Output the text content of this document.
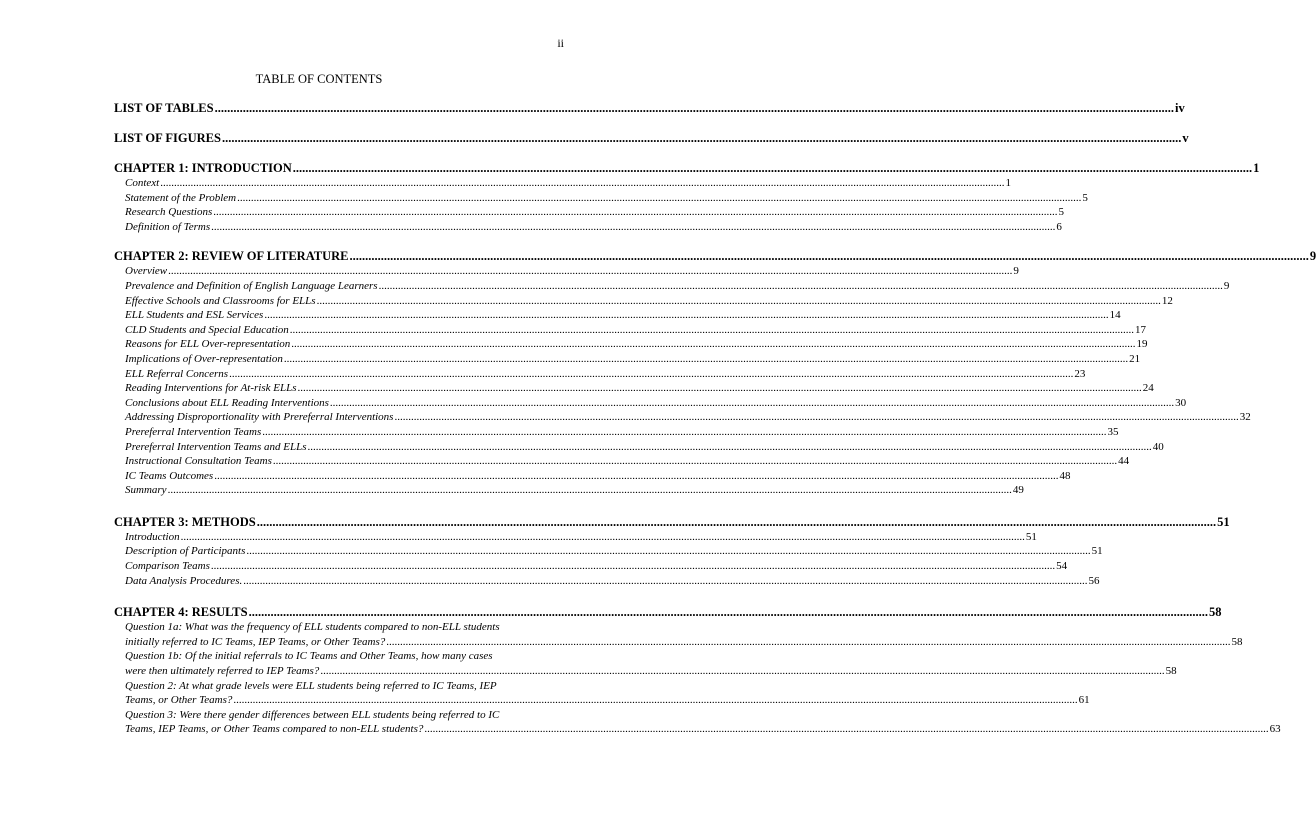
ii
TABLE OF CONTENTS
LIST OF TABLES .....	iv
LIST OF FIGURES .....	v
CHAPTER 1: INTRODUCTION .....	1
Context .....	1
Statement of the Problem .....	5
Research Questions .....	5
Definition of Terms .....	6
CHAPTER 2: REVIEW OF LITERATURE .....	9
Overview .....	9
Prevalence and Definition of English Language Learners .....	9
Effective Schools and Classrooms for ELLs .....	12
ELL Students and ESL Services .....	14
CLD Students and Special Education .....	17
Reasons for ELL Over-representation .....	19
Implications of Over-representation .....	21
ELL Referral Concerns .....	23
Reading Interventions for At-risk ELLs .....	24
Conclusions about ELL Reading Interventions .....	30
Addressing Disproportionality with Prereferral Interventions .....	32
Prereferral Intervention Teams .....	35
Prereferral Intervention Teams and ELLs .....	40
Instructional Consultation Teams .....	44
IC Teams Outcomes .....	48
Summary .....	49
CHAPTER 3: METHODS .....	51
Introduction .....	51
Description of Participants .....	51
Comparison Teams .....	54
Data Analysis Procedures. .....	56
CHAPTER 4: RESULTS .....	58
Question 1a: What was the frequency of ELL students compared to non-ELL students
initially referred to IC Teams, IEP Teams, or Other Teams? .....	58
Question 1b: Of the initial referrals to IC Teams and Other Teams, how many cases
were then ultimately referred to IEP Teams? .....	58
Question 2: At what grade levels were ELL students being referred to IC Teams, IEP
Teams, or Other Teams? .....	61
Question 3: Were there gender differences between ELL students being referred to IC
Teams, IEP Teams, or Other Teams compared to non-ELL students? .....	63
